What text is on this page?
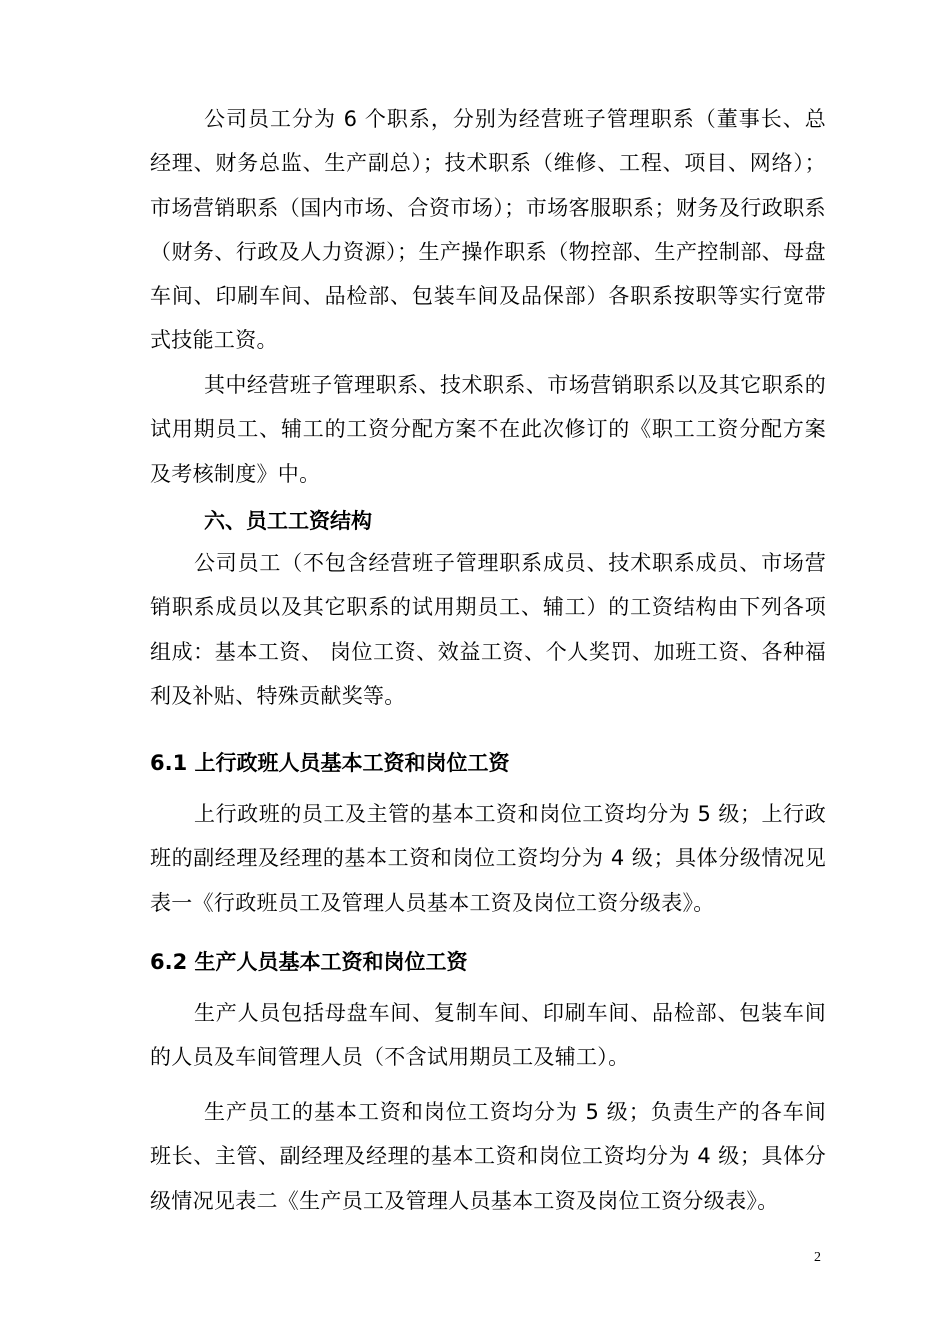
公司员工分为 6 个职系，分别为经营班子管理职系（董事长、总经理、财务总监、生产副总）；技术职系（维修、工程、项目、网络）；市场营销职系（国内市场、合资市场）；市场客服职系；财务及行政职系（财务、行政及人力资源）；生产操作职系（物控部、生产控制部、母盘车间、印刷车间、品检部、包装车间及品保部）各职系按职等实行宽带式技能工资。

其中经营班子管理职系、技术职系、市场营销职系以及其它职系的试用期员工、辅工的工资分配方案不在此次修订的《职工工资分配方案及考核制度》中。

六、员工工资结构

公司员工（不包含经营班子管理职系成员、技术职系成员、市场营销职系成员以及其它职系的试用期员工、辅工）的工资结构由下列各项组成：基本工资、 岗位工资、效益工资、个人奖罚、加班工资、各种福利及补贴、特殊贡献奖等。

6.1 上行政班人员基本工资和岗位工资

上行政班的员工及主管的基本工资和岗位工资均分为 5 级；上行政班的副经理及经理的基本工资和岗位工资均分为 4 级；具体分级情况见表一《行政班员工及管理人员基本工资及岗位工资分级表》。

6.2 生产人员基本工资和岗位工资

生产人员包括母盘车间、复制车间、印刷车间、品检部、包装车间的人员及车间管理人员（不含试用期员工及辅工）。

生产员工的基本工资和岗位工资均分为 5 级；负责生产的各车间班长、主管、副经理及经理的基本工资和岗位工资均分为 4 级；具体分级情况见表二《生产员工及管理人员基本工资及岗位工资分级表》。

2
